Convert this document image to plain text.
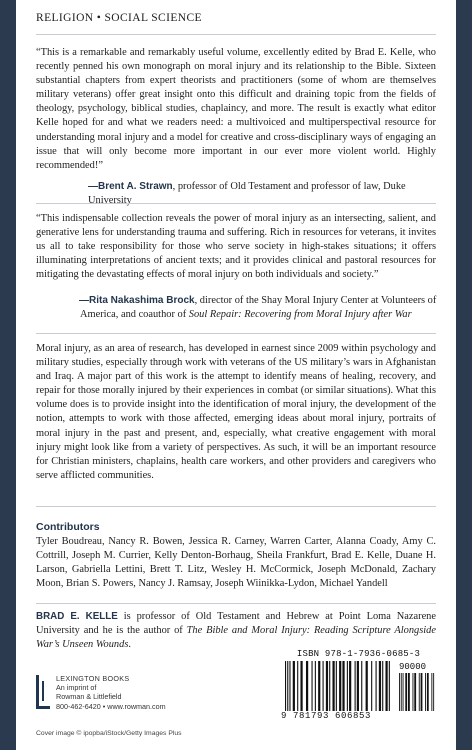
RELIGION • SOCIAL SCIENCE
“This is a remarkable and remarkably useful volume, excellently edited by Brad E. Kelle, who recently penned his own monograph on moral injury and its relationship to the Bible. Sixteen substantial chapters from expert theorists and practitioners (some of whom are themselves military veterans) offer great insight onto this difficult and draining topic from the fields of theology, psychology, biblical studies, chaplaincy, and more. The result is exactly what editor Kelle hoped for and what we readers need: a multivoiced and multiperspectival resource for understanding moral injury and a model for creative and cross-disciplinary ways of engaging an issue that will only become more important in our ever more violent world. Highly recommended!”
—Brent A. Strawn, professor of Old Testament and professor of law, Duke University
“This indispensable collection reveals the power of moral injury as an intersecting, salient, and generative lens for understanding trauma and suffering. Rich in resources for veterans, it invites us all to take responsibility for those who serve society in high-stakes situations; it offers illuminating interpretations of ancient texts; and it provides clinical and pastoral resources for mitigating the devastating effects of moral injury on both individuals and society.”
—Rita Nakashima Brock, director of the Shay Moral Injury Center at Volunteers of America, and coauthor of Soul Repair: Recovering from Moral Injury after War
Moral injury, as an area of research, has developed in earnest since 2009 within psychology and military studies, especially through work with veterans of the US military’s wars in Afghanistan and Iraq. A major part of this work is the attempt to identify means of healing, recovery, and repair for those morally injured by their experiences in combat (or similar situations). What this volume does is to provide insight into the identification of moral injury, the development of the notion, attempts to work with those affected, emerging ideas about moral injury, portraits of moral injury in the past and present, and, especially, what creative engagement with moral injury might look like from a variety of perspectives. As such, it will be an important resource for Christian ministers, chaplains, health care workers, and other providers and caregivers who serve afflicted communities.
Contributors
Tyler Boudreau, Nancy R. Bowen, Jessica R. Carney, Warren Carter, Alanna Coady, Amy C. Cottrill, Joseph M. Currier, Kelly Denton-Borhaug, Sheila Frankfurt, Brad E. Kelle, Duane H. Larson, Gabriella Lettini, Brett T. Litz, Wesley H. McCormick, Joseph McDonald, Zachary Moon, Brian S. Powers, Nancy J. Ramsay, Joseph Wiinikka-Lydon, Michael Yandell
BRAD E. KELLE is professor of Old Testament and Hebrew at Point Loma Nazarene University and he is the author of The Bible and Moral Injury: Reading Scripture Alongside War’s Unseen Wounds.
LEXINGTON BOOKS
An imprint of
Rowman & Littlefield
800-462-6420 • www.rowman.com
Cover image © ipopba/iStock/Getty Images Plus
ISBN 978-1-7936-0685-3
90000
9 781793 606853
